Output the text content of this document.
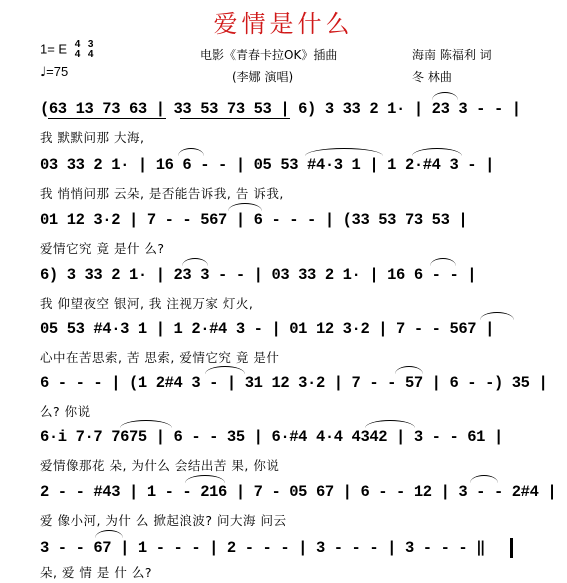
爱情是什么
1= E 4
4

3
4
♩=75
电影《青春卡拉OK》插曲
(李娜 演唱)
海南 陈福利 词
冬 林曲
(63 13 73 63 | 33 53 73 53 | 6) 3 33 2 1· | 23 3 - - |
我 默默问那 大海,
03 33 2 1· | 16 6 - - | 05 53 #4·3 1 | 1 2·#4 3 - |
我 悄悄问那 云朵, 是否能告诉我, 告 诉我,
01 12 3·2 | 7 - - 567 | 6 - - - | (33 53 73 53 |
爱情它究 竟 是什 么?
6) 3 33 2 1· | 23 3 - - | 03 33 2 1· | 16 6 - - |
我 仰望夜空 银河, 我 注视万家 灯火,
05 53 #4·3 1 | 1 2·#4 3 - | 01 12 3·2 | 7 - - 567 |
心中在苦思索, 苦 思索, 爱情它究 竟 是什
6 - - - | (1 2#4 3 - | 31 12 3·2 | 7 - - 57 | 6 - -) 35 |
么? 你说
6·i 7·7 7675 | 6 - - 35 | 6·#4 4·4 4342 | 3 - - 61 |
爱情像那花 朵, 为什么 会结出苦 果, 你说
2 - - #43 | 1 - - 216 | 7 - 05 67 | 6 - - 12 | 3 - - 2#4 |
爱 像小河, 为什 么 掀起浪波? 问大海 问云
3 - - 67 | 1 - - - | 2 - - - | 3 - - - | 3 - - - ‖
朵, 爱 情 是 什 么?
